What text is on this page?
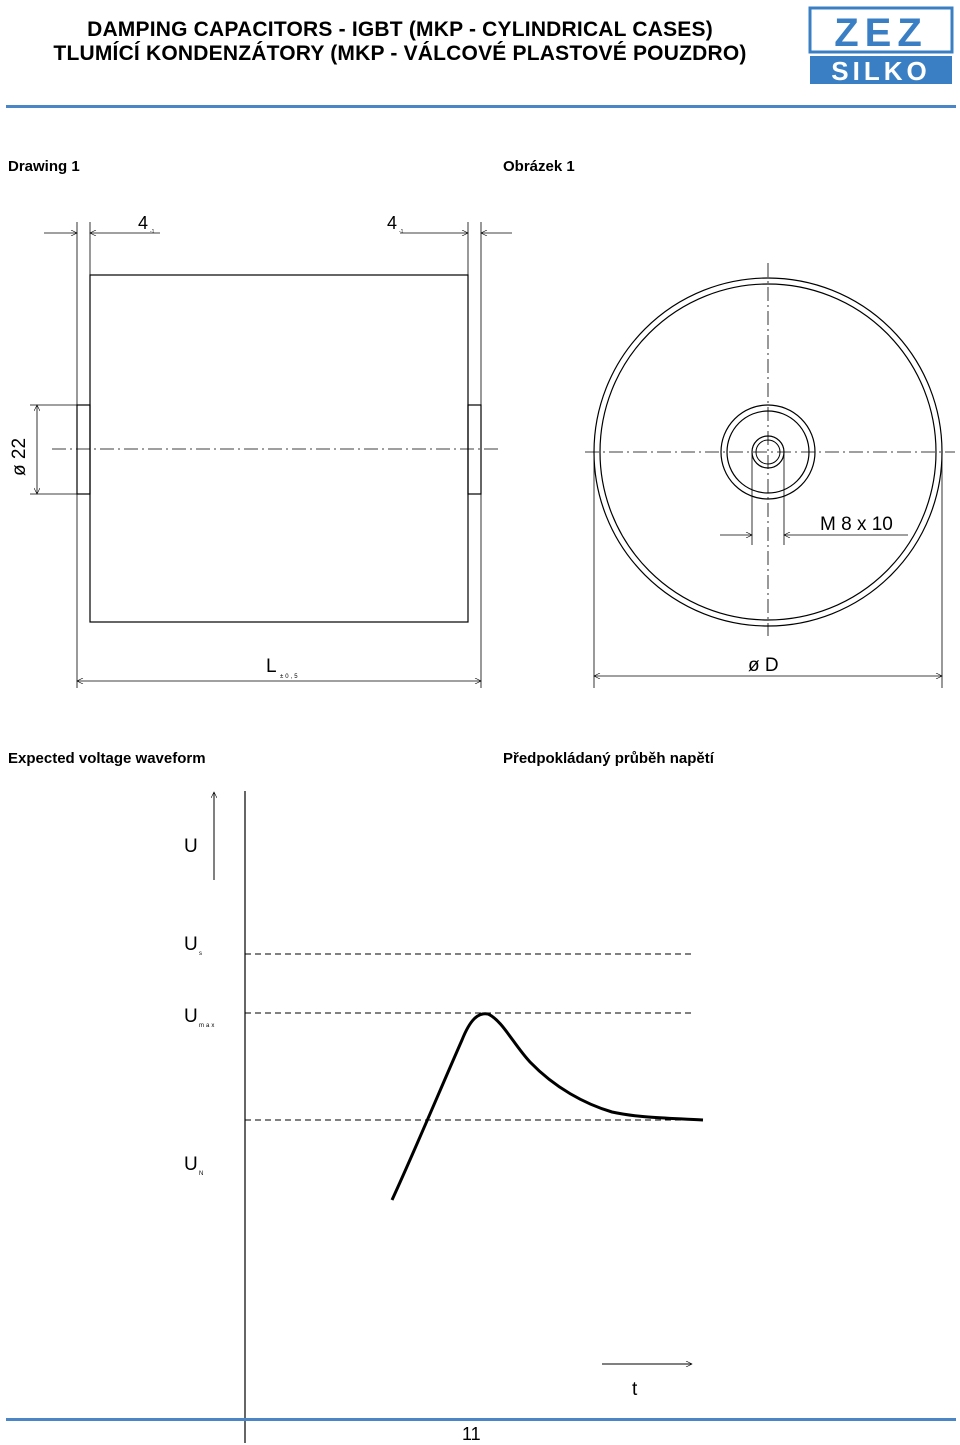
DAMPING CAPACITORS - IGBT (MKP - CYLINDRICAL CASES)
TLUMÍCÍ KONDENZÁTORY (MKP - VÁLCOVÉ PLASTOVÉ POUZDRO)	ZEZ
SILKO
Drawing 1	Obrázek 1
Expected voltage waveform	Předpokládaný průběh napětí
4 -1	4 -1
ø 22
L ±0,5
M 8 x 10
ø D
U
t
U s
U max
U N
11
